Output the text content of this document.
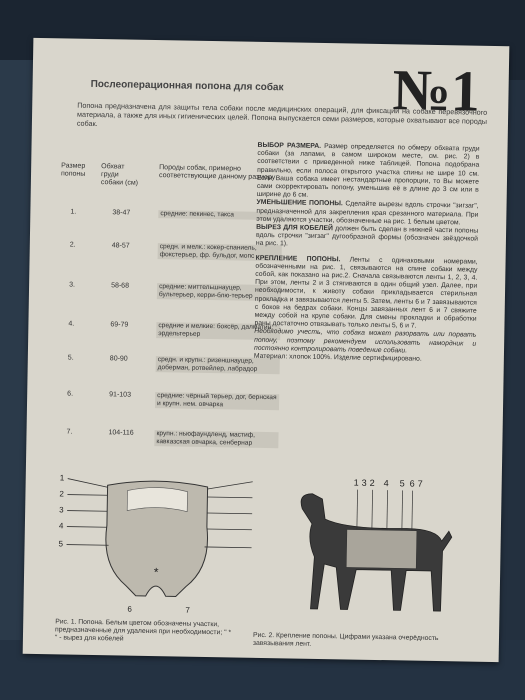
№1
Послеоперационная попона для собак
Попона предназначена для защиты тела собаки после медицинских операций, для фиксации на собаке перевязочного материала, а также для иных гигиенических целей. Попона выпускается семи размеров, которые охватывают все породы собак.
Размер попоны
Обхват груди собаки (см)
Породы собак, примерно соответствующие данному размеру
1.	38-47	средние: пекинес, такса
2.	48-57	средн. и мелк.: кокер-спаниель, фокстерьер, фр. бульдог, мопс
3.	58-68	средние: миттельшнауцер, бультерьер, керри-блю-терьер
4.	69-79	средние и мелкие: боксёр, далматин, эрдельтерьер
5.	80-90	средн. и крупн.: ризеншнауцер, доберман, ротвейлер, лабрадор
6.	91-103	средние: чёрный терьер, дог, бернская и крупн. нем. овчарка
7.	104-116	крупн.: ньюфаундленд, мастиф, кавказская овчарка, сенбернар

ВЫБОР РАЗМЕРА. Размер определяется по обмеру обхвата груди собаки (за лапами, в самом широком месте, см. рис. 2) в соответствии с приведенной ниже таблицей. Попона подобрана правильно, если полоса открытого участка спины не шире 10 см. Если Ваша собака имеет нестандартные пропорции, то Вы можете сами скорректировать попону, уменьшив её в длине до 3 см или в ширине до 6 см.

УМЕНЬШЕНИЕ ПОПОНЫ. Сделайте вырезы вдоль строчки "зигзаг", предназначенной для закрепления края срезанного материала. При этом удаляются участки, обозначенные на рис. 1 белым цветом.

ВЫРЕЗ ДЛЯ КОБЕЛЕЙ должен быть сделан в нижней части попоны вдоль строчки "зигзаг" дугообразной формы (обозначен звёздочкой на рис. 1).

КРЕПЛЕНИЕ ПОПОНЫ. Ленты с одинаковыми номерами, обозначенными на рис. 1, связываются на спине собаки между собой, как показано на рис.2. Сначала связываются ленты 1, 2, 3, 4. При этом, ленты 2 и 3 стягиваются в один общий узел. Далее, при необходимости, к животу собаки прикладывается стерильная прокладка и завязываются ленты 5. Затем, ленты 6 и 7 завязываются с боков на бедрах собаки. Концы завязанных лент 6 и 7 свяжите между собой на крупе собаки. Для смены прокладки и обработки раны достаточно отвязывать только ленты 5, 6 и 7.

Необходимо учесть, что собака может разорвать или порвать попону, поэтому рекомендуем использовать намордник и постоянно контролировать поведение собаки.

Материал: хлопок 100%. Изделие сертифицировано.

*
1
2
3
4
5
6	7
1 3 2 4 5 6 7
Рис. 1. Попона. Белым цветом обозначены участки, предназначенные для удаления при необходимости; " * " - вырез для кобелей	Рис. 2. Крепление попоны. Цифрами указана очерёдность завязывания лент.
